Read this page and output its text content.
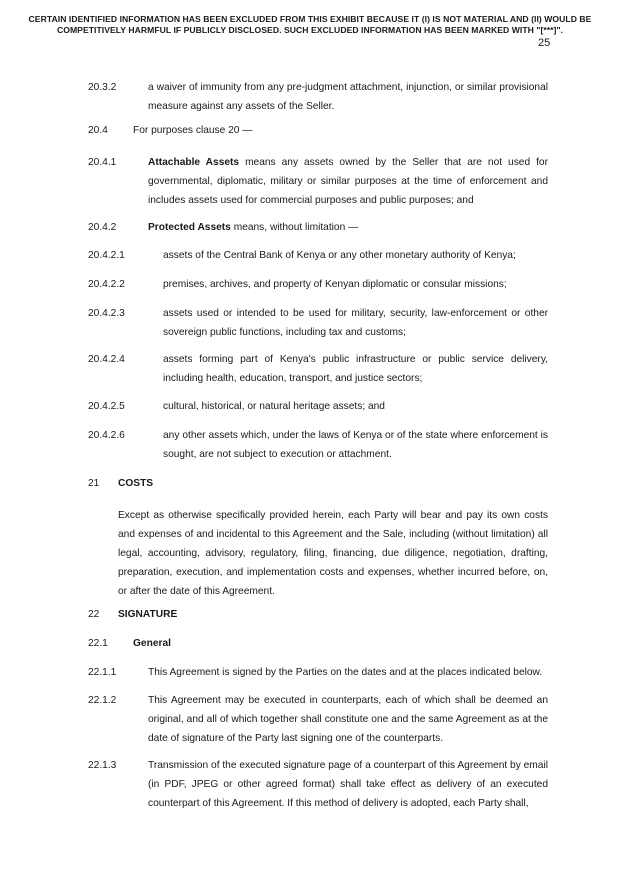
CERTAIN IDENTIFIED INFORMATION HAS BEEN EXCLUDED FROM THIS EXHIBIT BECAUSE IT (I) IS NOT MATERIAL AND (II) WOULD BE COMPETITIVELY HARMFUL IF PUBLICLY DISCLOSED. SUCH EXCLUDED INFORMATION HAS BEEN MARKED WITH "[***]".
25
20.3.2	a waiver of immunity from any pre-judgment attachment, injunction, or similar provisional measure against any assets of the Seller.
20.4 For purposes clause 20 —
20.4.1	Attachable Assets means any assets owned by the Seller that are not used for governmental, diplomatic, military or similar purposes at the time of enforcement and includes assets used for commercial purposes and public purposes; and
20.4.2	Protected Assets means, without limitation —
20.4.2.1	assets of the Central Bank of Kenya or any other monetary authority of Kenya;
20.4.2.2	premises, archives, and property of Kenyan diplomatic or consular missions;
20.4.2.3	assets used or intended to be used for military, security, law-enforcement or other sovereign public functions, including tax and customs;
20.4.2.4	assets forming part of Kenya's public infrastructure or public service delivery, including health, education, transport, and justice sectors;
20.4.2.5	cultural, historical, or natural heritage assets; and
20.4.2.6	any other assets which, under the laws of Kenya or of the state where enforcement is sought, are not subject to execution or attachment.
21 COSTS
Except as otherwise specifically provided herein, each Party will bear and pay its own costs and expenses of and incidental to this Agreement and the Sale, including (without limitation) all legal, accounting, advisory, regulatory, filing, financing, due diligence, negotiation, drafting, preparation, execution, and implementation costs and expenses, whether incurred before, on, or after the date of this Agreement.
22 SIGNATURE
22.1 General
22.1.1	This Agreement is signed by the Parties on the dates and at the places indicated below.
22.1.2	This Agreement may be executed in counterparts, each of which shall be deemed an original, and all of which together shall constitute one and the same Agreement as at the date of signature of the Party last signing one of the counterparts.
22.1.3	Transmission of the executed signature page of a counterpart of this Agreement by email (in PDF, JPEG or other agreed format) shall take effect as delivery of an executed counterpart of this Agreement. If this method of delivery is adopted, each Party shall,
